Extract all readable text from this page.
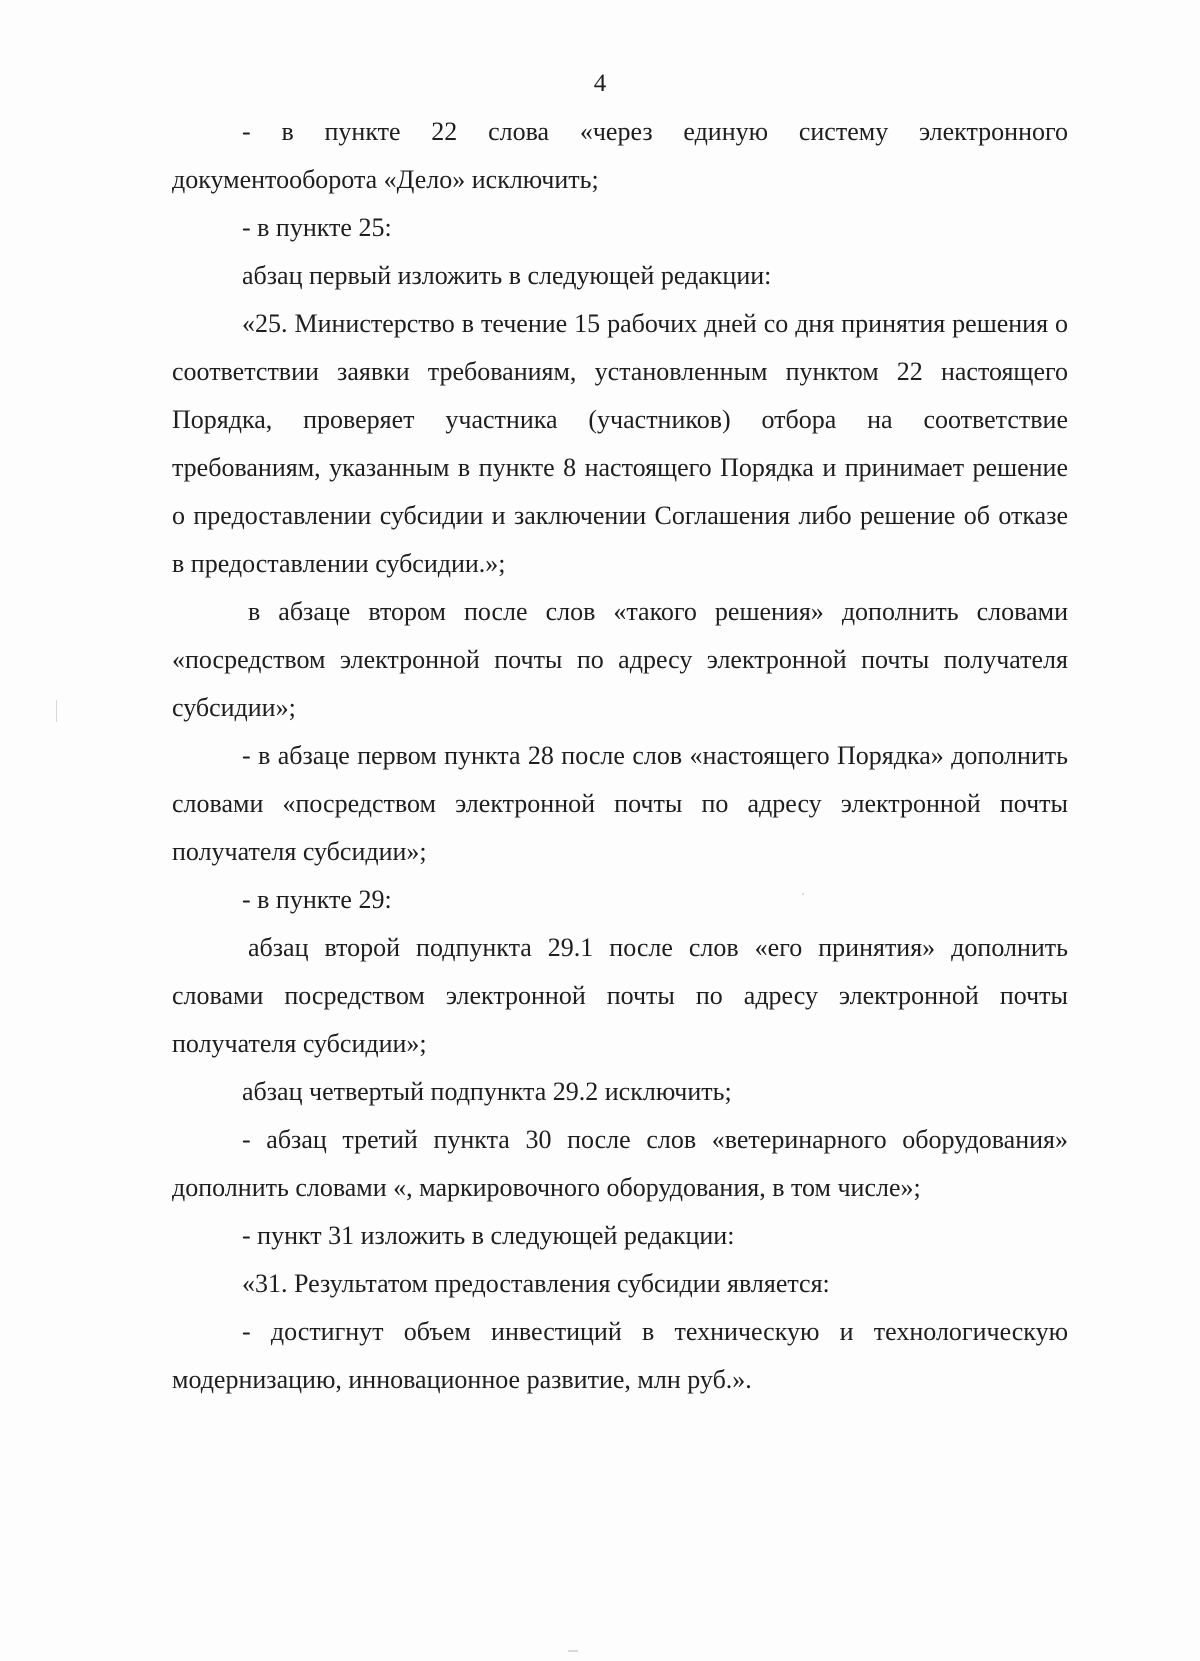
4

- в пункте 22 слова «через единую систему электронного документооборота «Дело» исключить;

- в пункте 25:

абзац первый изложить в следующей редакции:

«25. Министерство в течение 15 рабочих дней со дня принятия решения о соответствии заявки требованиям, установленным пунктом 22 настоящего Порядка, проверяет участника (участников) отбора на соответствие требованиям, указанным в пункте 8 настоящего Порядка и принимает решение о предоставлении субсидии и заключении Соглашения либо решение об отказе в предоставлении субсидии.»;

в абзаце втором после слов «такого решения» дополнить словами «посредством электронной почты по адресу электронной почты получателя субсидии»;

- в абзаце первом пункта 28 после слов «настоящего Порядка» дополнить словами «посредством электронной почты по адресу электронной почты получателя субсидии»;

- в пункте 29:

абзац второй подпункта 29.1 после слов «его принятия» дополнить словами посредством электронной почты по адресу электронной почты получателя субсидии»;

абзац четвертый подпункта 29.2 исключить;

- абзац третий пункта 30 после слов «ветеринарного оборудования» дополнить словами «, маркировочного оборудования, в том числе»;

- пункт 31 изложить в следующей редакции:

«31. Результатом предоставления субсидии является:

- достигнут объем инвестиций в техническую и технологическую модернизацию, инновационное развитие, млн руб.».
